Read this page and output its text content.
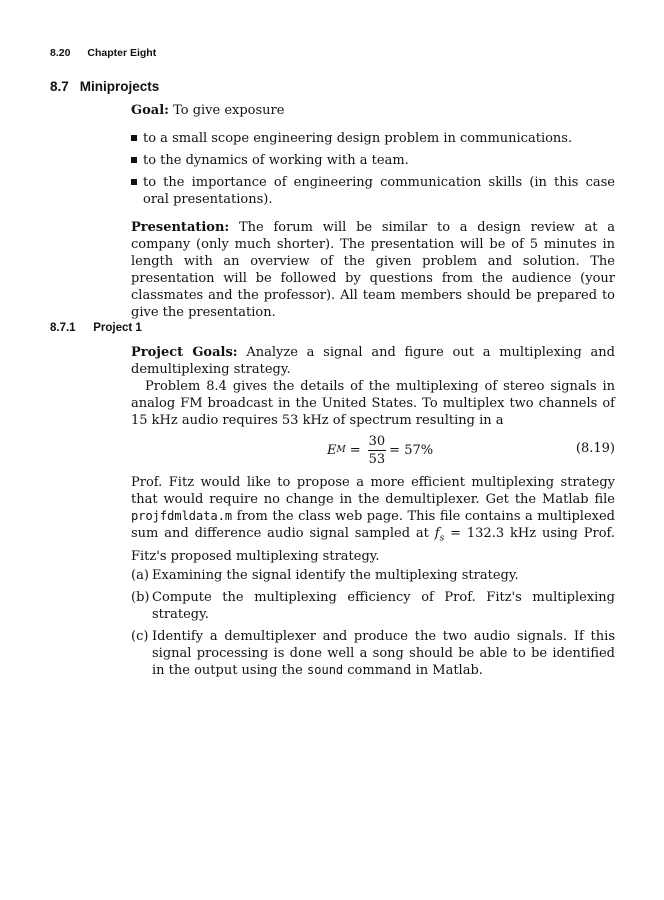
8.20 Chapter Eight
8.7 Miniprojects
Goal: To give exposure
to a small scope engineering design problem in communications.
to the dynamics of working with a team.
to the importance of engineering communication skills (in this case oral presentations).
Presentation: The forum will be similar to a design review at a company (only much shorter). The presentation will be of 5 minutes in length with an overview of the given problem and solution. The presentation will be followed by questions from the audience (your classmates and the professor). All team members should be prepared to give the presentation.
8.7.1 Project 1

Project Goals: Analyze a signal and figure out a multiplexing and demultiplexing strategy.

Problem 8.4 gives the details of the multiplexing of stereo signals in analog FM broadcast in the United States. To multiplex two channels of 15 kHz audio requires 53 kHz of spectrum resulting in a

E $M = \frac{30}{53} = 57\%$	(8.19)
Prof. Fitz would like to propose a more efficient multiplexing strategy that would require no change in the demultiplexer. Get the Matlab file projfdmldata.m from the class web page. This file contains a multiplexed sum and difference audio signal sampled at $f_s = 132.3$ kHz using Prof. Fitz's proposed multiplexing strategy.
(a) Examining the signal identify the multiplexing strategy.
(b) Compute the multiplexing efficiency of Prof. Fitz's multiplexing strategy.
(c) Identify a demultiplexer and produce the two audio signals. If this signal processing is done well a song should be able to be identified in the output using the sound command in Matlab.
